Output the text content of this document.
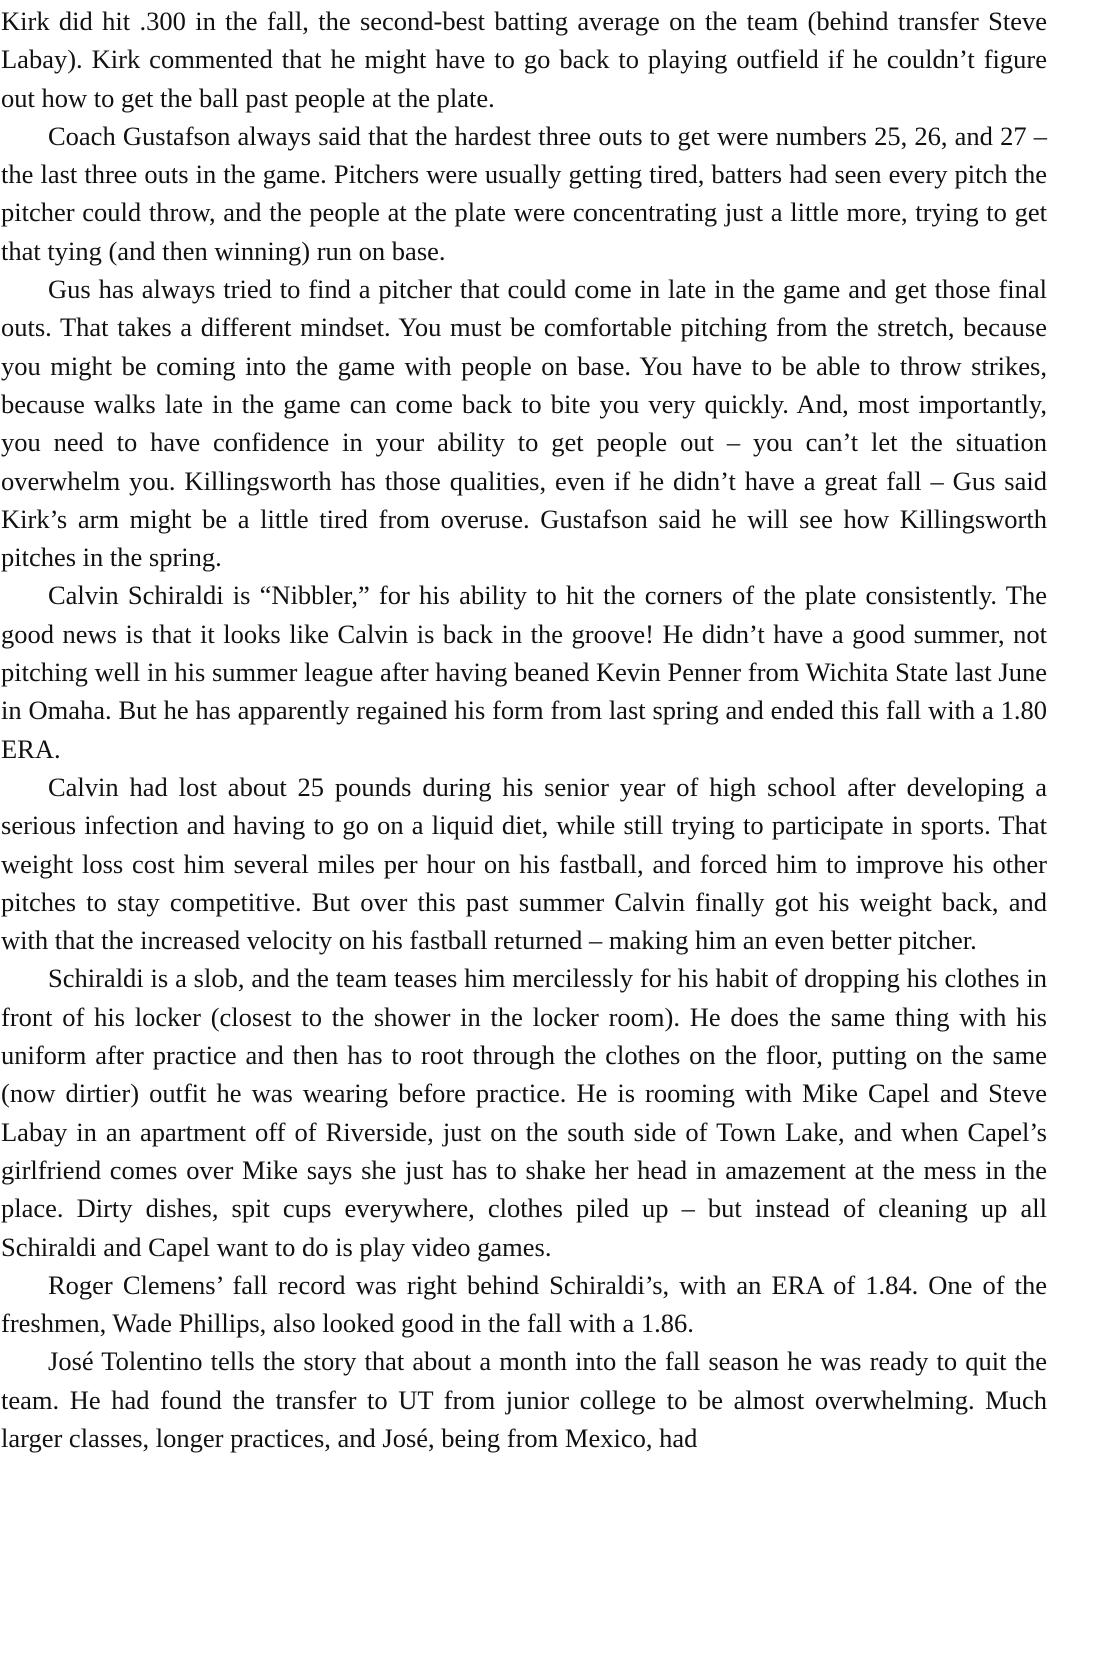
Kirk did hit .300 in the fall, the second-best batting average on the team (behind transfer Steve Labay). Kirk commented that he might have to go back to playing outfield if he couldn’t figure out how to get the ball past people at the plate.

Coach Gustafson always said that the hardest three outs to get were numbers 25, 26, and 27 – the last three outs in the game. Pitchers were usually getting tired, batters had seen every pitch the pitcher could throw, and the people at the plate were concentrating just a little more, trying to get that tying (and then winning) run on base.

Gus has always tried to find a pitcher that could come in late in the game and get those final outs. That takes a different mindset. You must be comfortable pitching from the stretch, because you might be coming into the game with people on base. You have to be able to throw strikes, because walks late in the game can come back to bite you very quickly. And, most importantly, you need to have confidence in your ability to get people out – you can’t let the situation overwhelm you. Killingsworth has those qualities, even if he didn’t have a great fall – Gus said Kirk’s arm might be a little tired from overuse. Gustafson said he will see how Killingsworth pitches in the spring.

Calvin Schiraldi is “Nibbler,” for his ability to hit the corners of the plate consistently. The good news is that it looks like Calvin is back in the groove! He didn’t have a good summer, not pitching well in his summer league after having beaned Kevin Penner from Wichita State last June in Omaha. But he has apparently regained his form from last spring and ended this fall with a 1.80 ERA.

Calvin had lost about 25 pounds during his senior year of high school after developing a serious infection and having to go on a liquid diet, while still trying to participate in sports. That weight loss cost him several miles per hour on his fastball, and forced him to improve his other pitches to stay competitive. But over this past summer Calvin finally got his weight back, and with that the increased velocity on his fastball returned – making him an even better pitcher.

Schiraldi is a slob, and the team teases him mercilessly for his habit of dropping his clothes in front of his locker (closest to the shower in the locker room). He does the same thing with his uniform after practice and then has to root through the clothes on the floor, putting on the same (now dirtier) outfit he was wearing before practice. He is rooming with Mike Capel and Steve Labay in an apartment off of Riverside, just on the south side of Town Lake, and when Capel’s girlfriend comes over Mike says she just has to shake her head in amazement at the mess in the place. Dirty dishes, spit cups everywhere, clothes piled up – but instead of cleaning up all Schiraldi and Capel want to do is play video games.

Roger Clemens’ fall record was right behind Schiraldi’s, with an ERA of 1.84. One of the freshmen, Wade Phillips, also looked good in the fall with a 1.86.

José Tolentino tells the story that about a month into the fall season he was ready to quit the team. He had found the transfer to UT from junior college to be almost overwhelming. Much larger classes, longer practices, and José, being from Mexico, had
